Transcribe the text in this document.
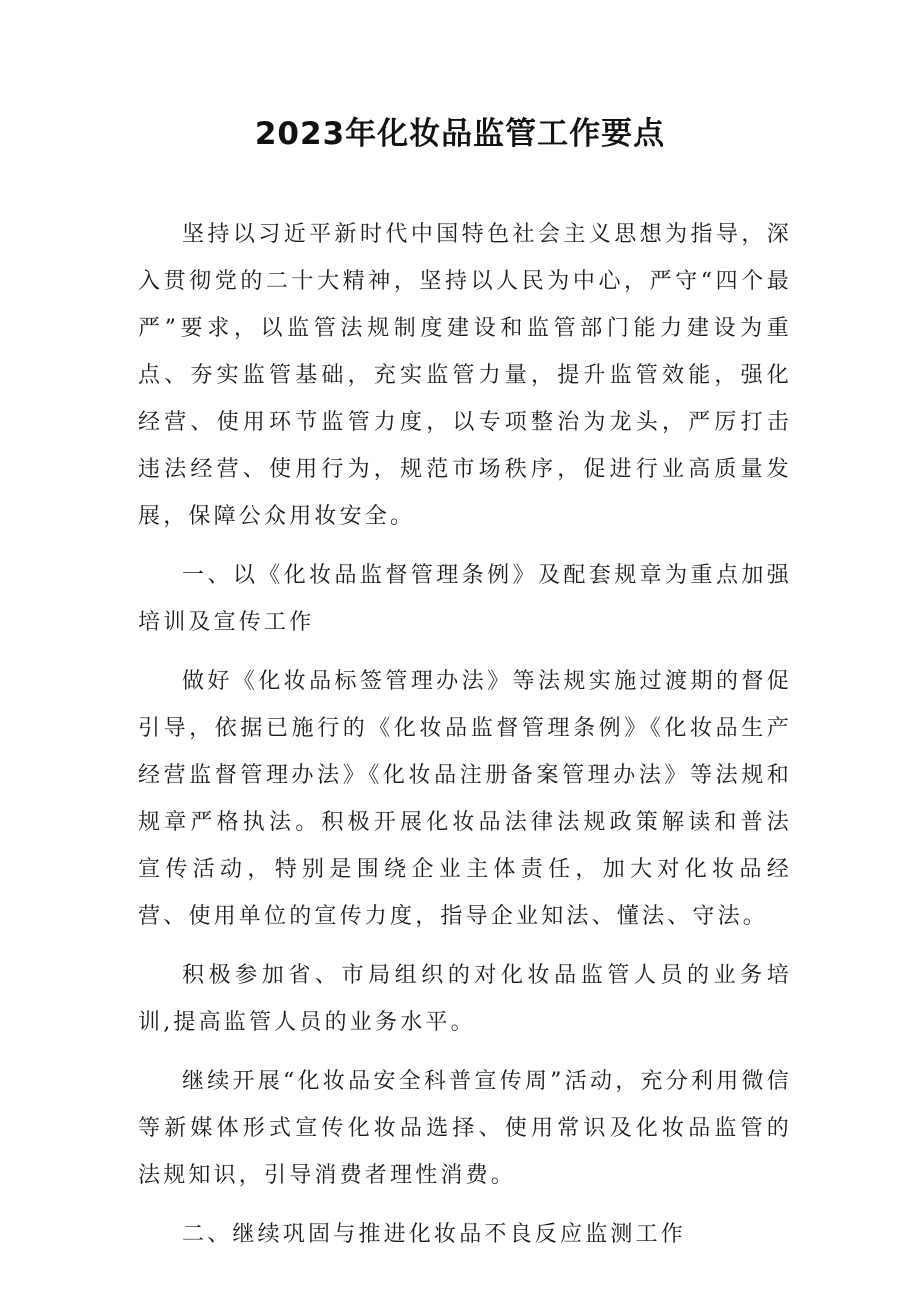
2023年化妆品监管工作要点

坚持以习近平新时代中国特色社会主义思想为指导，深入贯彻党的二十大精神，坚持以人民为中心，严守“四个最严”要求，以监管法规制度建设和监管部门能力建设为重点、夯实监管基础，充实监管力量，提升监管效能，强化经营、使用环节监管力度，以专项整治为龙头，严厉打击违法经营、使用行为，规范市场秩序，促进行业高质量发展，保障公众用妆安全。

一、以《化妆品监督管理条例》及配套规章为重点加强培训及宣传工作

做好《化妆品标签管理办法》等法规实施过渡期的督促引导，依据已施行的《化妆品监督管理条例》《化妆品生产经营监督管理办法》《化妆品注册备案管理办法》等法规和规章严格执法。积极开展化妆品法律法规政策解读和普法宣传活动，特别是围绕企业主体责任，加大对化妆品经营、使用单位的宣传力度，指导企业知法、懂法、守法。

积极参加省、市局组织的对化妆品监管人员的业务培训,提高监管人员的业务水平。

继续开展“化妆品安全科普宣传周”活动，充分利用微信等新媒体形式宣传化妆品选择、使用常识及化妆品监管的法规知识，引导消费者理性消费。

二、继续巩固与推进化妆品不良反应监测工作
